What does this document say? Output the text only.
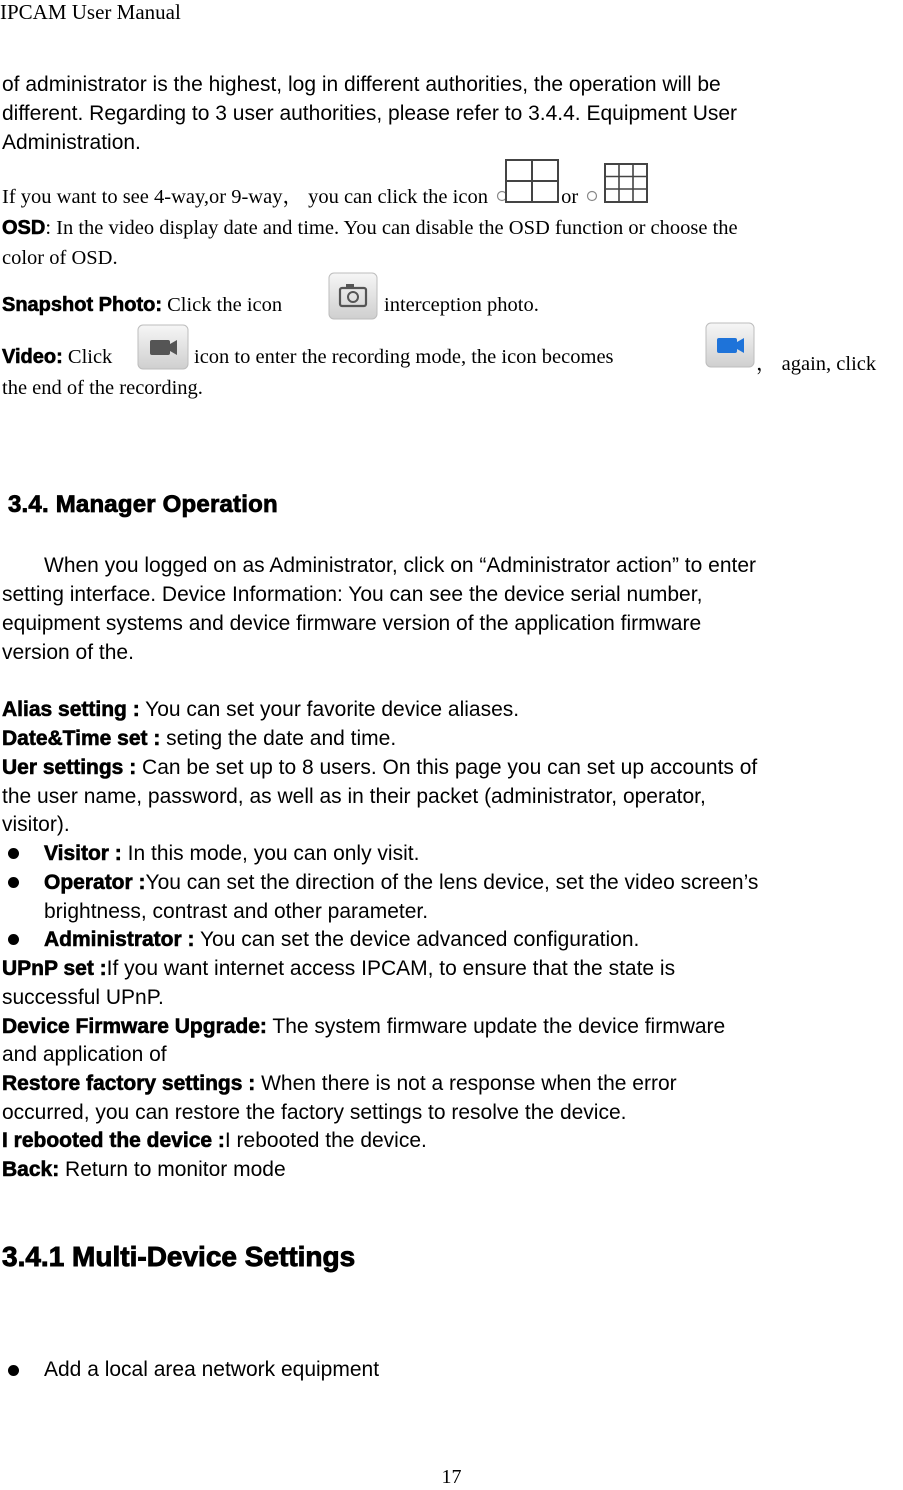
IPCAM User Manual
of administrator is the highest, log in different authorities, the operation will be
different. Regarding to 3 user authorities, please refer to 3.4.4. Equipment User
Administration.
If you want to see 4-way,or 9-way， you can click the icon	or
OSD: In the video display date and time. You can disable the OSD function or choose the
color of OSD.
Snapshot Photo: Click the icon	interception photo.
Video: Click	icon to enter the recording mode, the icon becomes	， again, click
the end of the recording.
3.4. Manager Operation
When you logged on as Administrator, click on “Administrator action” to enter
setting interface. Device Information: You can see the device serial number,
equipment systems and device firmware version of the application firmware
version of the.
Alias setting : You can set your favorite device aliases.
Date&Time set : seting the date and time.
Uer settings : Can be set up to 8 users. On this page you can set up accounts of
the user name, password, as well as in their packet (administrator, operator,
visitor).
Visitor : In this mode, you can only visit.
Operator :You can set the direction of the lens device, set the video screen’s
brightness, contrast and other parameter.
Administrator : You can set the device advanced configuration.
UPnP set :If you want internet access IPCAM, to ensure that the state is
successful UPnP.
Device Firmware Upgrade: The system firmware update the device firmware
and application of
Restore factory settings : When there is not a response when the error
occurred, you can restore the factory settings to resolve the device.
I rebooted the device :I rebooted the device.
Back: Return to monitor mode
3.4.1 Multi-Device Settings
Add a local area network equipment
17
